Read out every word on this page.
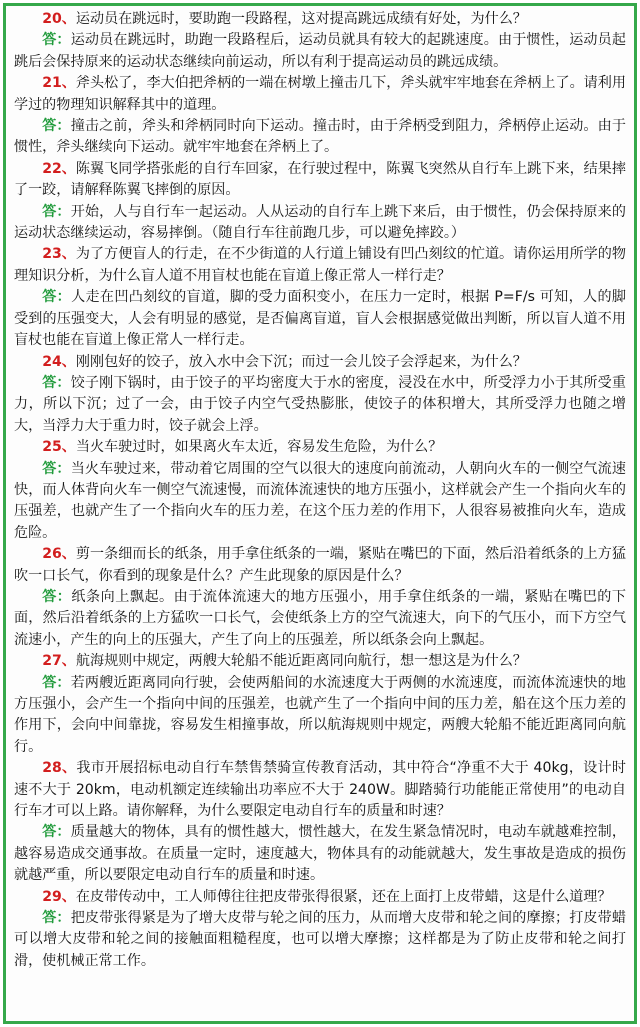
20、运动员在跳远时，要助跑一段路程，这对提高跳远成绩有好处，为什么？

答：运动员在跳远时，助跑一段路程后，运动员就具有较大的起跳速度。由于惯性，运动员起跳后会保持原来的运动状态继续向前运动，所以有利于提高运动员的跳远成绩。

21、斧头松了，李大伯把斧柄的一端在树墩上撞击几下，斧头就牢牢地套在斧柄上了。请利用学过的物理知识解释其中的道理。

答：撞击之前，斧头和斧柄同时向下运动。撞击时，由于斧柄受到阻力，斧柄停止运动。由于惯性，斧头继续向下运动。就牢牢地套在斧柄上了。

22、陈翼飞同学搭张彪的自行车回家，在行驶过程中，陈翼飞突然从自行车上跳下来，结果摔了一跤，请解释陈翼飞摔倒的原因。

答：开始，人与自行车一起运动。人从运动的自行车上跳下来后，由于惯性，仍会保持原来的运动状态继续运动，容易摔倒。（随自行车往前跑几步，可以避免摔跤。）

23、为了方便盲人的行走，在不少街道的人行道上铺设有凹凸刻纹的忙道。请你运用所学的物理知识分析，为什么盲人道不用盲杖也能在盲道上像正常人一样行走？

答：人走在凹凸刻纹的盲道，脚的受力面积变小，在压力一定时，根据 P=F/s 可知，人的脚受到的压强变大，人会有明显的感觉，是否偏离盲道，盲人会根据感觉做出判断，所以盲人道不用盲杖也能在盲道上像正常人一样行走。

24、刚刚包好的饺子，放入水中会下沉；而过一会儿饺子会浮起来，为什么？

答：饺子刚下锅时，由于饺子的平均密度大于水的密度，浸没在水中，所受浮力小于其所受重力，所以下沉；过了一会，由于饺子内空气受热膨胀，使饺子的体积增大，其所受浮力也随之增大，当浮力大于重力时，饺子就会上浮。

25、当火车驶过时，如果离火车太近，容易发生危险，为什么？

答：当火车驶过来，带动着它周围的空气以很大的速度向前流动，人朝向火车的一侧空气流速快，而人体背向火车一侧空气流速慢，而流体流速快的地方压强小，这样就会产生一个指向火车的压强差，也就产生了一个指向火车的压力差，在这个压力差的作用下，人很容易被推向火车，造成危险。

26、剪一条细而长的纸条，用手拿住纸条的一端，紧贴在嘴巴的下面，然后沿着纸条的上方猛吹一口长气，你看到的现象是什么？产生此现象的原因是什么？

答：纸条向上飘起。由于流体流速大的地方压强小，用手拿住纸条的一端，紧贴在嘴巴的下面，然后沿着纸条的上方猛吹一口长气，会使纸条上方的空气流速大，向下的气压小，而下方空气流速小，产生的向上的压强大，产生了向上的压强差，所以纸条会向上飘起。

27、航海规则中规定，两艘大轮船不能近距离同向航行，想一想这是为什么？

答：若两艘近距离同向行驶，会使两船间的水流速度大于两侧的水流速度，而流体流速快的地方压强小，会产生一个指向中间的压强差，也就产生了一个指向中间的压力差，船在这个压力差的作用下，会向中间靠拢，容易发生相撞事故，所以航海规则中规定，两艘大轮船不能近距离同向航行。

28、我市开展招标电动自行车禁售禁骑宣传教育活动，其中符合“净重不大于 40kg，设计时速不大于 20km，电动机额定连续输出功率应不大于 240W。脚踏骑行功能能正常使用”的电动自行车才可以上路。请你解释，为什么要限定电动自行车的质量和时速？

答：质量越大的物体，具有的惯性越大，惯性越大，在发生紧急情况时，电动车就越难控制，越容易造成交通事故。在质量一定时，速度越大，物体具有的动能就越大，发生事故是造成的损伤就越严重，所以要限定电动自行车的质量和时速。

29、在皮带传动中，工人师傅往往把皮带张得很紧，还在上面打上皮带蜡，这是什么道理？

答：把皮带张得紧是为了增大皮带与轮之间的压力，从而增大皮带和轮之间的摩擦；打皮带蜡可以增大皮带和轮之间的接触面粗糙程度，也可以增大摩擦；这样都是为了防止皮带和轮之间打滑，使机械正常工作。
